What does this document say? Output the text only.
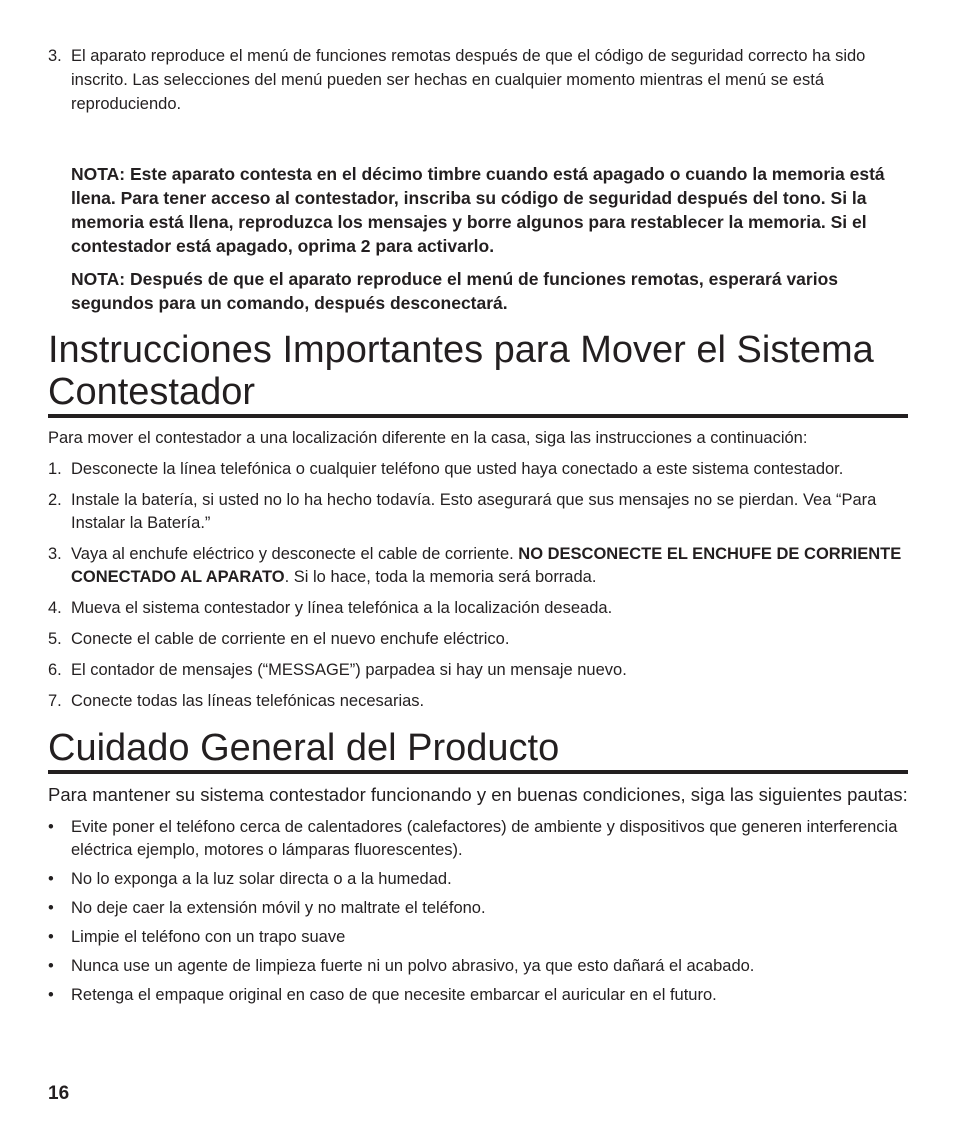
3. El aparato reproduce el menú de funciones remotas después de que el código de seguridad correcto ha sido inscrito. Las selecciones del menú pueden ser hechas en cualquier momento mientras el menú se está reproduciendo.
NOTA: Este aparato contesta en el décimo timbre cuando está apagado o cuando la memoria está llena. Para tener acceso al contestador, inscriba su código de seguridad después del tono. Si la memoria está llena, reproduzca los mensajes y borre algunos para restablecer la memoria. Si el contestador está apagado, oprima 2 para activarlo.
NOTA: Después de que el aparato reproduce el menú de funciones remotas, esperará varios segundos para un comando, después desconectará.
Instrucciones Importantes para Mover el Sistema Contestador
Para mover el contestador a una localización diferente en la casa, siga las instrucciones a continuación:
1. Desconecte la línea telefónica o cualquier teléfono que usted haya conectado a este sistema contestador.
2. Instale la batería, si usted no lo ha hecho todavía. Esto asegurará que sus mensajes no se pierdan. Vea “Para Instalar la Batería.”
3. Vaya al enchufe eléctrico y desconecte el cable de corriente. NO DESCONECTE EL ENCHUFE DE CORRIENTE CONECTADO AL APARATO. Si lo hace, toda la memoria será borrada.
4. Mueva el sistema contestador y línea telefónica a la localización deseada.
5. Conecte el cable de corriente en el nuevo enchufe eléctrico.
6. El contador de mensajes (“MESSAGE”) parpadea si hay un mensaje nuevo.
7. Conecte todas las líneas telefónicas necesarias.
Cuidado General del Producto
Para mantener su sistema contestador funcionando y en buenas condiciones, siga las siguientes pautas:
•	Evite poner el teléfono cerca de calentadores (calefactores) de ambiente y dispositivos que generen interferencia eléctrica ejemplo, motores o lámparas fluorescentes).
•	No lo exponga a la luz solar directa o a la humedad.
•	No deje caer la extensión móvil y no maltrate el teléfono.
•	Limpie el teléfono con un trapo suave
•	Nunca use un agente de limpieza fuerte ni un polvo abrasivo, ya que esto dañará el acabado.
•	Retenga el empaque original en caso de que necesite embarcar el auricular en el futuro.
16
